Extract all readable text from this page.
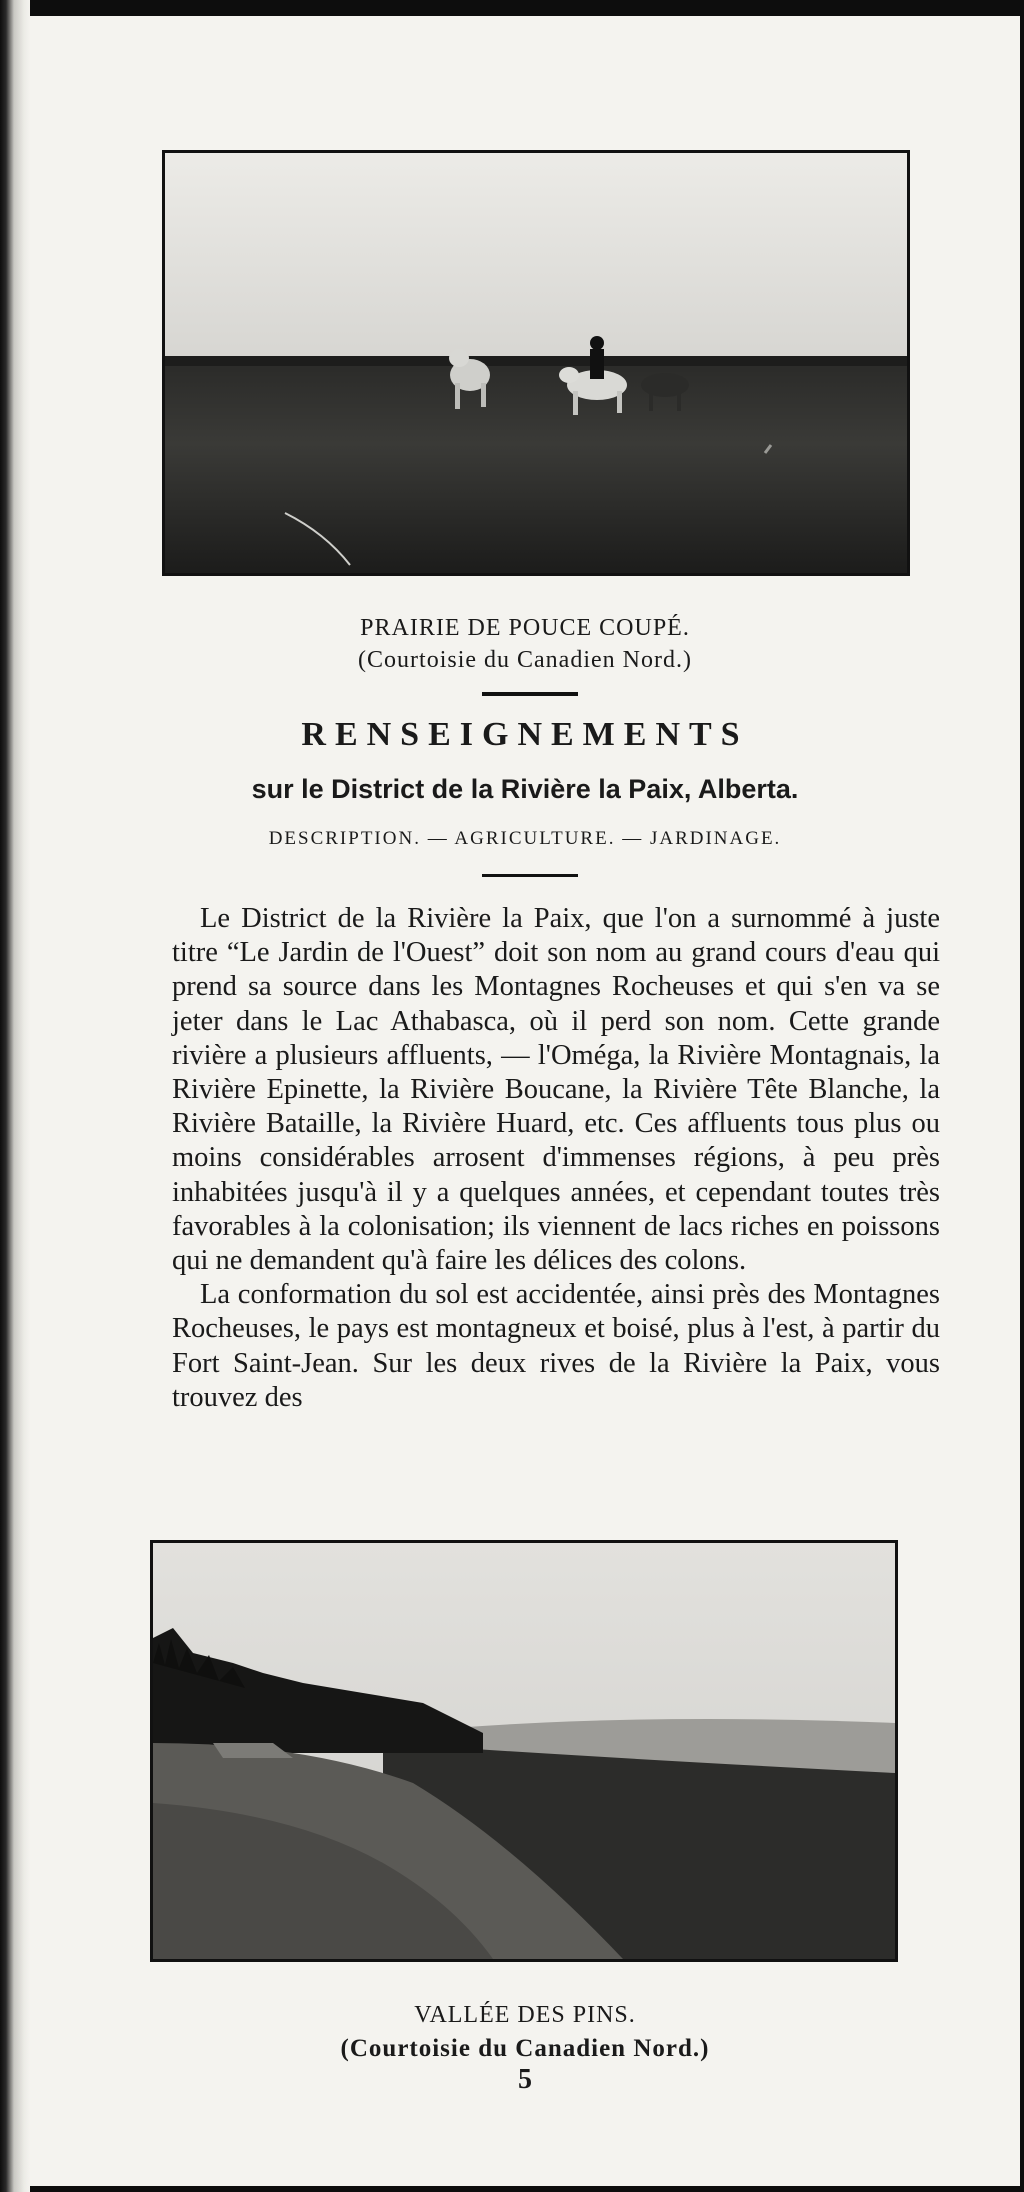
PRAIRIE DE POUCE COUPÉ.
(Courtoisie du Canadien Nord.)
RENSEIGNEMENTS
sur le District de la Rivière la Paix, Alberta.
DESCRIPTION. — AGRICULTURE. — JARDINAGE.

Le District de la Rivière la Paix, que l'on a surnommé à juste titre “Le Jardin de l'Ouest” doit son nom au grand cours d'eau qui prend sa source dans les Montagnes Rocheuses et qui s'en va se jeter dans le Lac Athabasca, où il perd son nom. Cette grande rivière a plusieurs affluents, — l'Oméga, la Rivière Montagnais, la Rivière Epinette, la Rivière Boucane, la Rivière Tête Blanche, la Rivière Bataille, la Rivière Huard, etc. Ces affluents tous plus ou moins considérables arrosent d'immenses régions, à peu près inhabitées jusqu'à il y a quelques années, et cependant toutes très favorables à la colonisation; ils viennent de lacs riches en poissons qui ne demandent qu'à faire les délices des colons.

La conformation du sol est accidentée, ainsi près des Montagnes Rocheuses, le pays est montagneux et boisé, plus à l'est, à partir du Fort Saint-Jean. Sur les deux rives de la Rivière la Paix, vous trouvez des

VALLÉE DES PINS.
(Courtoisie du Canadien Nord.)
5
